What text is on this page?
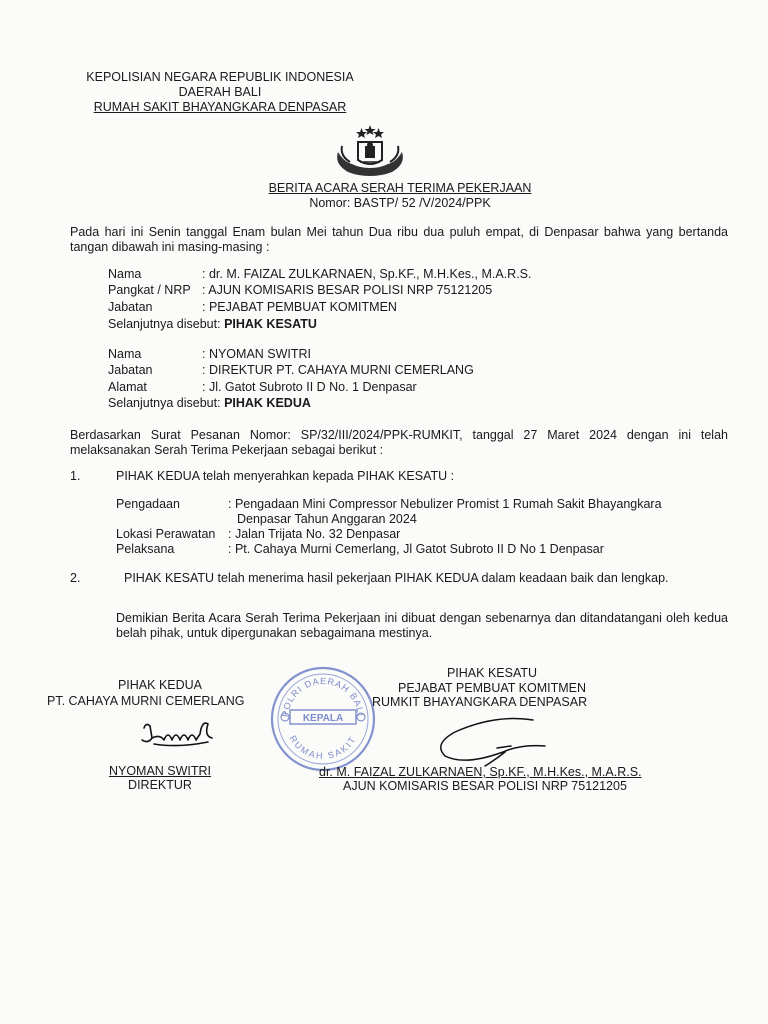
KEPOLISIAN NEGARA REPUBLIK INDONESIA
DAERAH BALI
RUMAH SAKIT BHAYANGKARA DENPASAR
BERITA ACARA SERAH TERIMA PEKERJAAN
Nomor: BASTP/ 52 /V/2024/PPK
Pada hari ini Senin tanggal Enam bulan Mei tahun Dua ribu dua puluh empat, di Denpasar bahwa yang bertanda tangan dibawah ini masing-masing :
Nama	: dr. M. FAIZAL ZULKARNAEN, Sp.KF., M.H.Kes., M.A.R.S.
Pangkat / NRP : AJUN KOMISARIS BESAR POLISI NRP 75121205
Jabatan	: PEJABAT PEMBUAT KOMITMEN
Selanjutnya disebut: PIHAK KESATU
Nama	: NYOMAN SWITRI
Jabatan	: DIREKTUR PT. CAHAYA MURNI CEMERLANG
Alamat	: Jl. Gatot Subroto II D No. 1 Denpasar
Selanjutnya disebut: PIHAK KEDUA
Berdasarkan Surat Pesanan Nomor: SP/32/III/2024/PPK-RUMKIT, tanggal 27 Maret 2024 dengan ini telah melaksanakan Serah Terima Pekerjaan sebagai berikut :
1.	PIHAK KEDUA telah menyerahkan kepada PIHAK KESATU :
Pengadaan	: Pengadaan Mini Compressor Nebulizer Promist 1 Rumah Sakit Bhayangkara
Denpasar Tahun Anggaran 2024
Lokasi Perawatan : Jalan Trijata No. 32 Denpasar
Pelaksana	: Pt. Cahaya Murni Cemerlang, Jl Gatot Subroto II D No 1 Denpasar
2.	PIHAK KESATU telah menerima hasil pekerjaan PIHAK KEDUA dalam keadaan baik dan lengkap.
Demikian Berita Acara Serah Terima Pekerjaan ini dibuat dengan sebenarnya dan ditandatangani oleh kedua belah pihak, untuk dipergunakan sebagaimana mestinya.
POLRI DAERAH BALI
RUMAH SAKIT
KEPALA
PIHAK KEDUA
PT. CAHAYA MURNI CEMERLANG
NYOMAN SWITRI
DIREKTUR
PIHAK KESATU
PEJABAT PEMBUAT KOMITMEN
RUMKIT BHAYANGKARA DENPASAR
dr. M. FAIZAL ZULKARNAEN, Sp.KF., M.H.Kes., M.A.R.S.
AJUN KOMISARIS BESAR POLISI NRP 75121205
